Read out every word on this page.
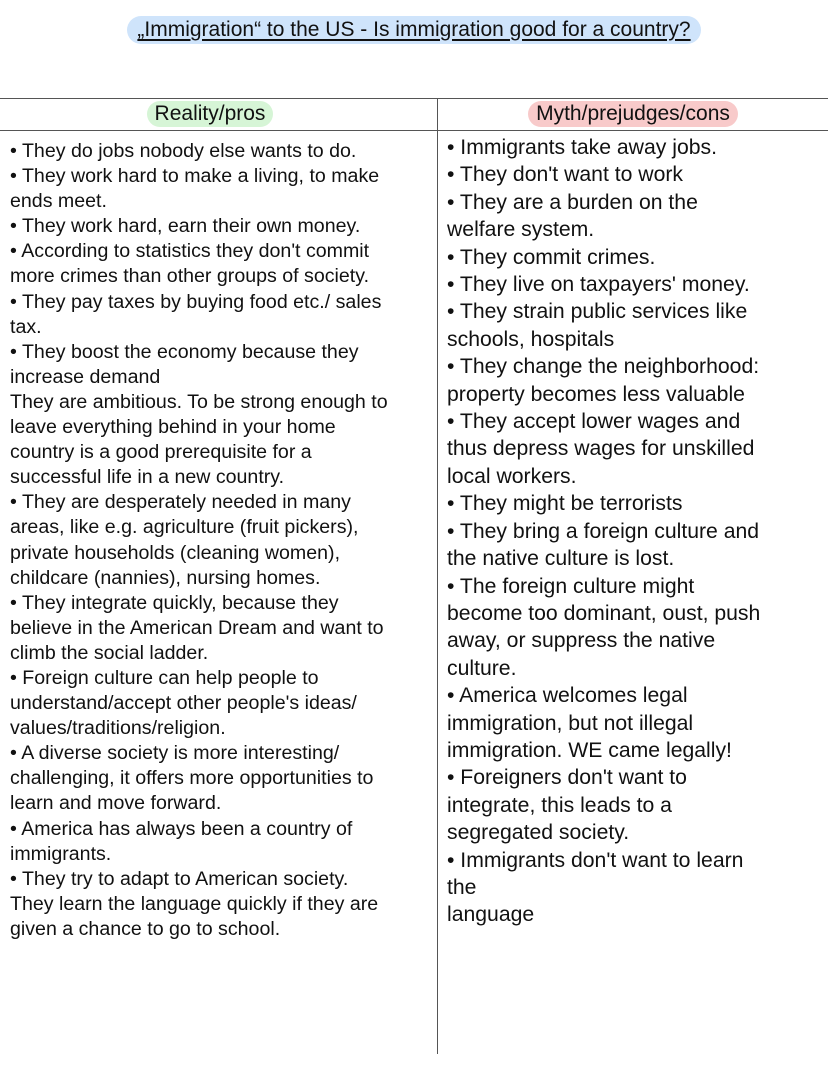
„Immigration“ to the US - Is immigration good for a country?
Reality/pros	Myth/prejudges/cons
• They do jobs nobody else wants to do.
• They work hard to make a living, to make
ends meet.
• They work hard, earn their own money.
• According to statistics they don't commit
more crimes than other groups of society.
• They pay taxes by buying food etc./ sales
tax.
• They boost the economy because they
increase demand
They are ambitious. To be strong enough to
leave everything behind in your home
country is a good prerequisite for a
successful life in a new country.
• They are desperately needed in many
areas, like e.g. agriculture (fruit pickers),
private households (cleaning women),
childcare (nannies), nursing homes.
• They integrate quickly, because they
believe in the American Dream and want to
climb the social ladder.
• Foreign culture can help people to
understand/accept other people's ideas/
values/traditions/religion.
• A diverse society is more interesting/
challenging, it offers more opportunities to
learn and move forward.
• America has always been a country of
immigrants.
• They try to adapt to American society.
They learn the language quickly if they are
given a chance to go to school.
• Immigrants take away jobs.
• They don't want to work
• They are a burden on the
welfare system.
• They commit crimes.
• They live on taxpayers' money.
• They strain public services like
schools, hospitals
• They change the neighborhood:
property becomes less valuable
• They accept lower wages and
thus depress wages for unskilled
local workers.
• They might be terrorists
• They bring a foreign culture and
the native culture is lost.
• The foreign culture might
become too dominant, oust, push
away, or suppress the native
culture.
• America welcomes legal
immigration, but not illegal
immigration. WE came legally!
• Foreigners don't want to
integrate, this leads to a
segregated society.
• Immigrants don't want to learn
the
language
